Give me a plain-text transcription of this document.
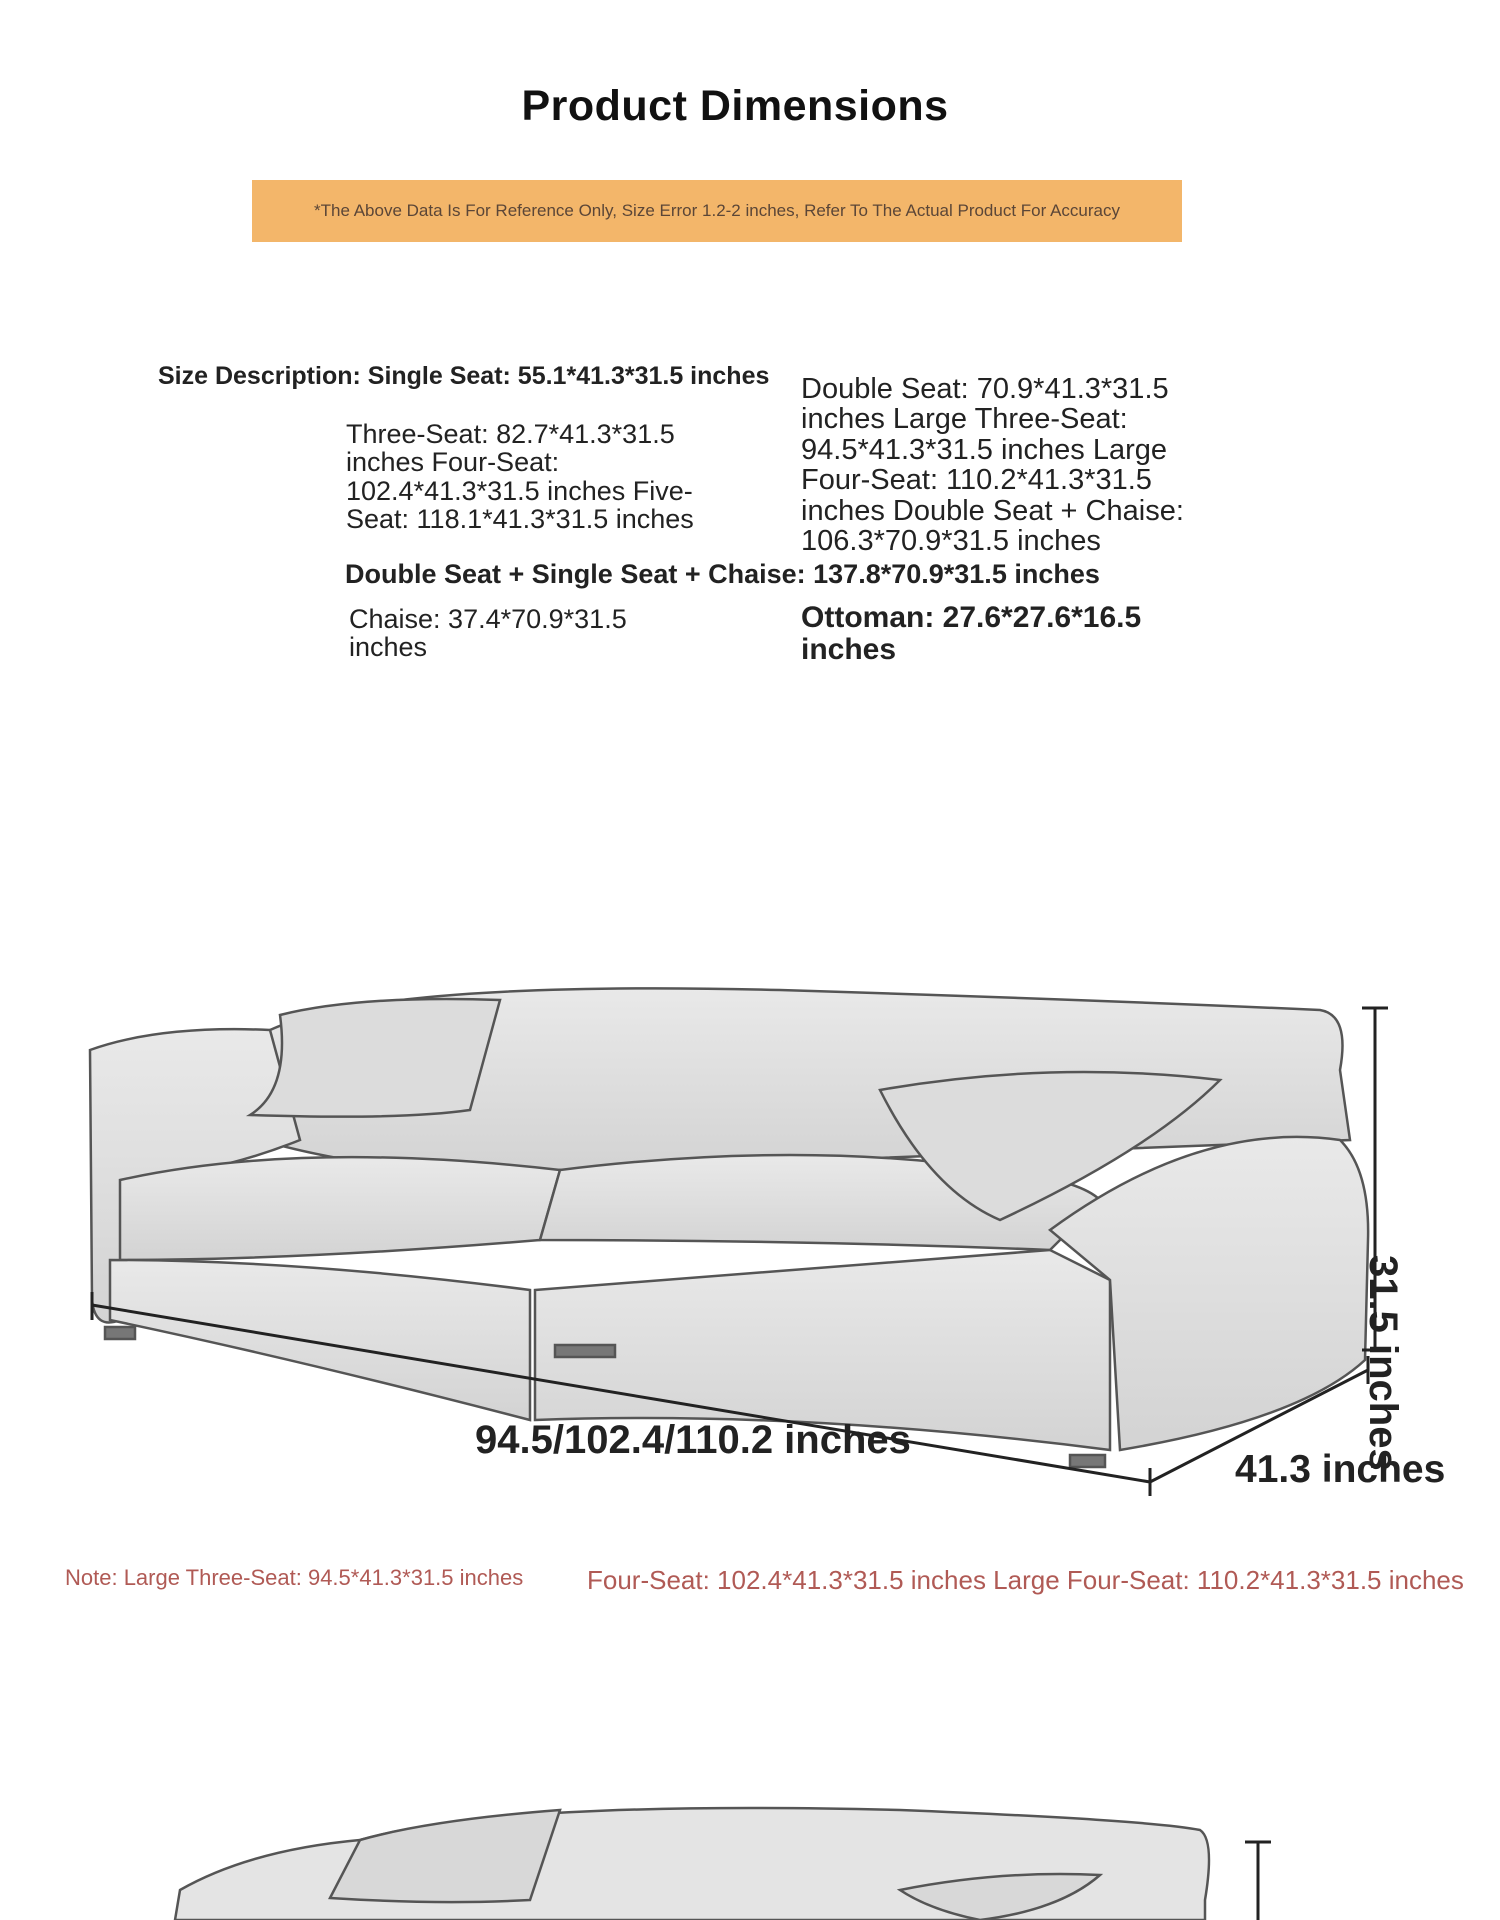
Product Dimensions
*The Above Data Is For Reference Only, Size Error 1.2-2 inches, Refer To The Actual Product For Accuracy
Size Description: Single Seat: 55.1*41.3*31.5 inches
Three-Seat: 82.7*41.3*31.5 inches Four-Seat: 102.4*41.3*31.5 inches Five-Seat: 118.1*41.3*31.5 inches
Double Seat: 70.9*41.3*31.5 inches Large Three-Seat: 94.5*41.3*31.5 inches Large Four-Seat: 110.2*41.3*31.5 inches Double Seat + Chaise: 106.3*70.9*31.5 inches
Double Seat + Single Seat + Chaise: 137.8*70.9*31.5 inches
Chaise: 37.4*70.9*31.5 inches
Ottoman: 27.6*27.6*16.5 inches
94.5/102.4/110.2 inches
41.3 inches
31.5 inches
Note: Large Three-Seat: 94.5*41.3*31.5 inches Four-Seat: 102.4*41.3*31.5 inches Large Four-Seat: 110.2*41.3*31.5 inches
